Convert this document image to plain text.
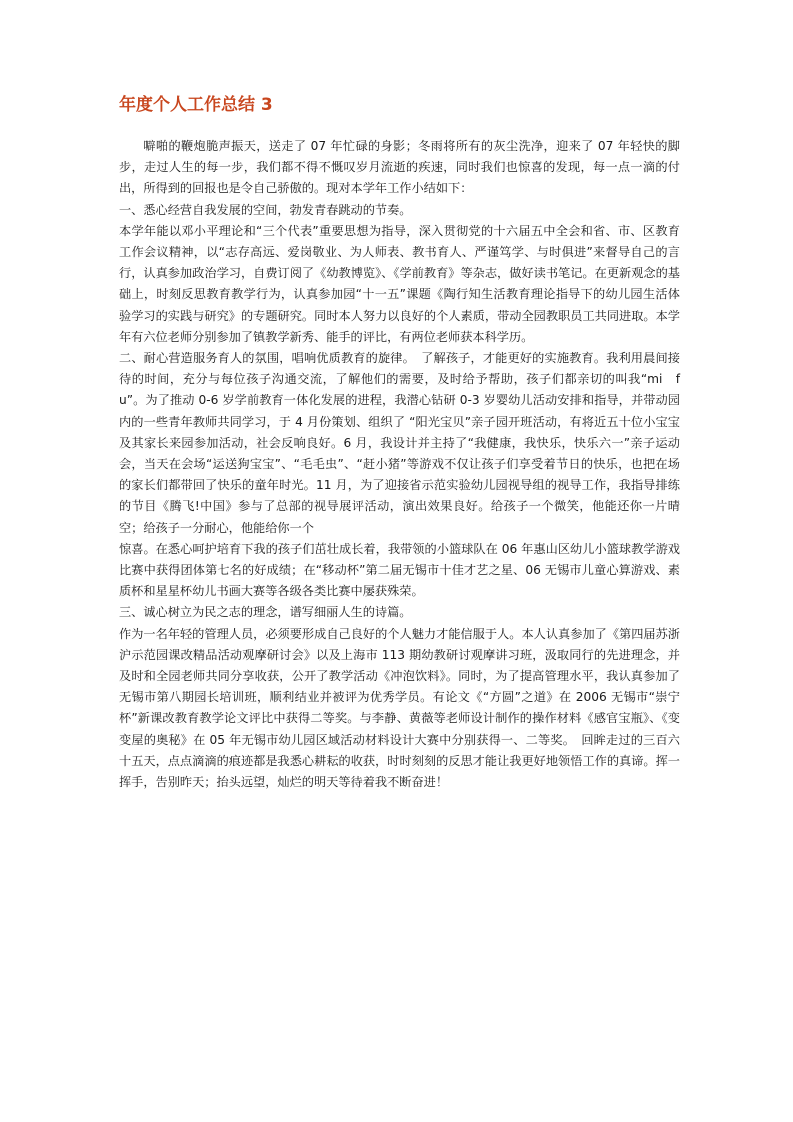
年度个人工作总结 3

噼啪的鞭炮脆声振天，送走了 07 年忙碌的身影；冬雨将所有的灰尘洗净，迎来了 07 年轻快的脚步，走过人生的每一步，我们都不得不慨叹岁月流逝的疾速，同时我们也惊喜的发现，每一点一滴的付出，所得到的回报也是令自己骄傲的。现对本学年工作小结如下：

一、悉心经营自我发展的空间，勃发青春跳动的节奏。

本学年能以邓小平理论和“三个代表”重要思想为指导，深入贯彻党的十六届五中全会和省、市、区教育工作会议精神，以“志存高远、爱岗敬业、为人师表、教书育人、严谨笃学、与时俱进”来督导自己的言行，认真参加政治学习，自费订阅了《幼教博览》、《学前教育》等杂志，做好读书笔记。在更新观念的基础上，时刻反思教育教学行为，认真参加园“十一五”课题《陶行知生活教育理论指导下的幼儿园生活体验学习的实践与研究》的专题研究。同时本人努力以良好的个人素质，带动全园教职员工共同进取。本学年有六位老师分别参加了镇教学新秀、能手的评比，有两位老师获本科学历。

二、耐心营造服务育人的氛围，唱响优质教育的旋律。　了解孩子，才能更好的实施教育。我利用晨间接待的时间，充分与每位孩子沟通交流，了解他们的需要，及时给予帮助，孩子们都亲切的叫我“mi　fu”。为了推动 0-6 岁学前教育一体化发展的进程，我潜心钻研 0-3 岁婴幼儿活动安排和指导，并带动园内的一些青年教师共同学习，于 4 月份策划、组织了 “阳光宝贝”亲子园开班活动，有将近五十位小宝宝及其家长来园参加活动，社会反响良好。6 月，我设计并主持了“我健康，我快乐，快乐六一”亲子运动会，当天在会场“运送狗宝宝”、“毛毛虫”、“赶小猪”等游戏不仅让孩子们享受着节日的快乐，也把在场的家长们都带回了快乐的童年时光。11 月，为了迎接省示范实验幼儿园视导组的视导工作，我指导排练的节目《腾飞!中国》参与了总部的视导展评活动，演出效果良好。给孩子一个微笑，他能还你一片晴空；给孩子一分耐心，他能给你一个

惊喜。在悉心呵护培育下我的孩子们茁壮成长着，我带领的小篮球队在 06 年惠山区幼儿小篮球教学游戏比赛中获得团体第七名的好成绩；在“移动杯”第二届无锡市十佳才艺之星、06 无锡市儿童心算游戏、素质杯和星星杯幼儿书画大赛等各级各类比赛中屡获殊荣。

三、诚心树立为民之志的理念，谱写细丽人生的诗篇。

作为一名年轻的管理人员，必须要形成自己良好的个人魅力才能信服于人。本人认真参加了《第四届苏浙沪示范园课改精品活动观摩研讨会》以及上海市 113 期幼教研讨观摩讲习班，汲取同行的先进理念，并及时和全园老师共同分享收获，公开了教学活动《冲泡饮料》。同时，为了提高管理水平，我认真参加了无锡市第八期园长培训班，顺利结业并被评为优秀学员。有论文《“方圆”之道》在 2006 无锡市“崇宁杯”新课改教育教学论文评比中获得二等奖。与李静、黄薇等老师设计制作的操作材料《感官宝瓶》、《变变屋的奥秘》在 05 年无锡市幼儿园区域活动材料设计大赛中分别获得一、二等奖。　回眸走过的三百六十五天，点点滴滴的痕迹都是我悉心耕耘的收获，时时刻刻的反思才能让我更好地领悟工作的真谛。挥一挥手，告别昨天；抬头远望，灿烂的明天等待着我不断奋进！
